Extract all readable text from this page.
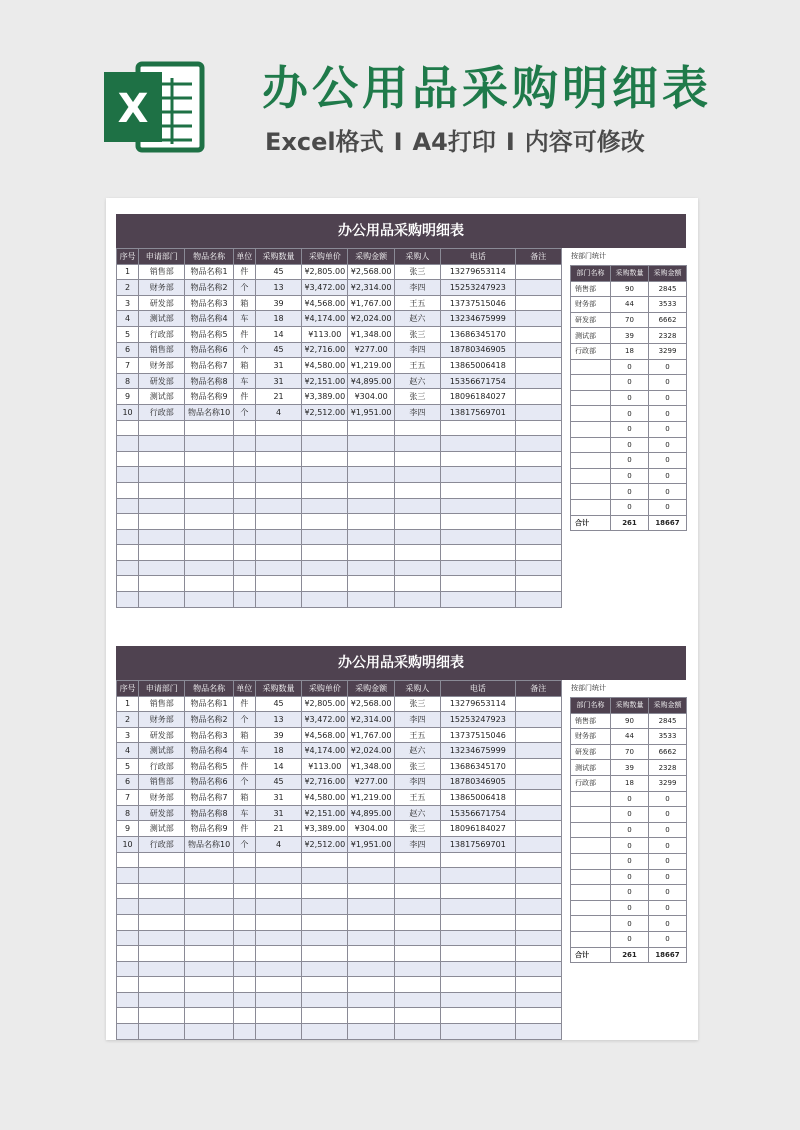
X 办公用品采购明细表
Excel格式 I A4打印 I 内容可修改
办公用品采购明细表
序号	申请部门	物品名称	单位	采购数量	采购单价	采购金额	采购人	电话	备注
1	销售部	物品名称1	件	45	¥2,805.00	¥2,568.00	张三	13279653114	
2	财务部	物品名称2	个	13	¥3,472.00	¥2,314.00	李四	15253247923	
3	研发部	物品名称3	箱	39	¥4,568.00	¥1,767.00	王五	13737515046	
4	测试部	物品名称4	车	18	¥4,174.00	¥2,024.00	赵六	13234675999	
5	行政部	物品名称5	件	14	¥113.00	¥1,348.00	张三	13686345170	
6	销售部	物品名称6	个	45	¥2,716.00	¥277.00	李四	18780346905	
7	财务部	物品名称7	箱	31	¥4,580.00	¥1,219.00	王五	13865006418	
8	研发部	物品名称8	车	31	¥2,151.00	¥4,895.00	赵六	15356671754	
9	测试部	物品名称9	件	21	¥3,389.00	¥304.00	张三	18096184027	
10	行政部	物品名称10	个	4	¥2,512.00	¥1,951.00	李四	13817569701	

按部门统计
部门名称	采购数量	采购金额
销售部	90	2845
财务部	44	3533
研发部	70	6662
测试部	39	2328
行政部	18	3299
	0	0
	0	0
	0	0
	0	0
	0	0
	0	0
	0	0
	0	0
	0	0
	0	0
合计	261	18667
办公用品采购明细表
序号	申请部门	物品名称	单位	采购数量	采购单价	采购金额	采购人	电话	备注
1	销售部	物品名称1	件	45	¥2,805.00	¥2,568.00	张三	13279653114	
2	财务部	物品名称2	个	13	¥3,472.00	¥2,314.00	李四	15253247923	
3	研发部	物品名称3	箱	39	¥4,568.00	¥1,767.00	王五	13737515046	
4	测试部	物品名称4	车	18	¥4,174.00	¥2,024.00	赵六	13234675999	
5	行政部	物品名称5	件	14	¥113.00	¥1,348.00	张三	13686345170	
6	销售部	物品名称6	个	45	¥2,716.00	¥277.00	李四	18780346905	
7	财务部	物品名称7	箱	31	¥4,580.00	¥1,219.00	王五	13865006418	
8	研发部	物品名称8	车	31	¥2,151.00	¥4,895.00	赵六	15356671754	
9	测试部	物品名称9	件	21	¥3,389.00	¥304.00	张三	18096184027	
10	行政部	物品名称10	个	4	¥2,512.00	¥1,951.00	李四	13817569701	

按部门统计
部门名称	采购数量	采购金额
销售部	90	2845
财务部	44	3533
研发部	70	6662
测试部	39	2328
行政部	18	3299
	0	0
	0	0
	0	0
	0	0
	0	0
	0	0
	0	0
	0	0
	0	0
	0	0
合计	261	18667
